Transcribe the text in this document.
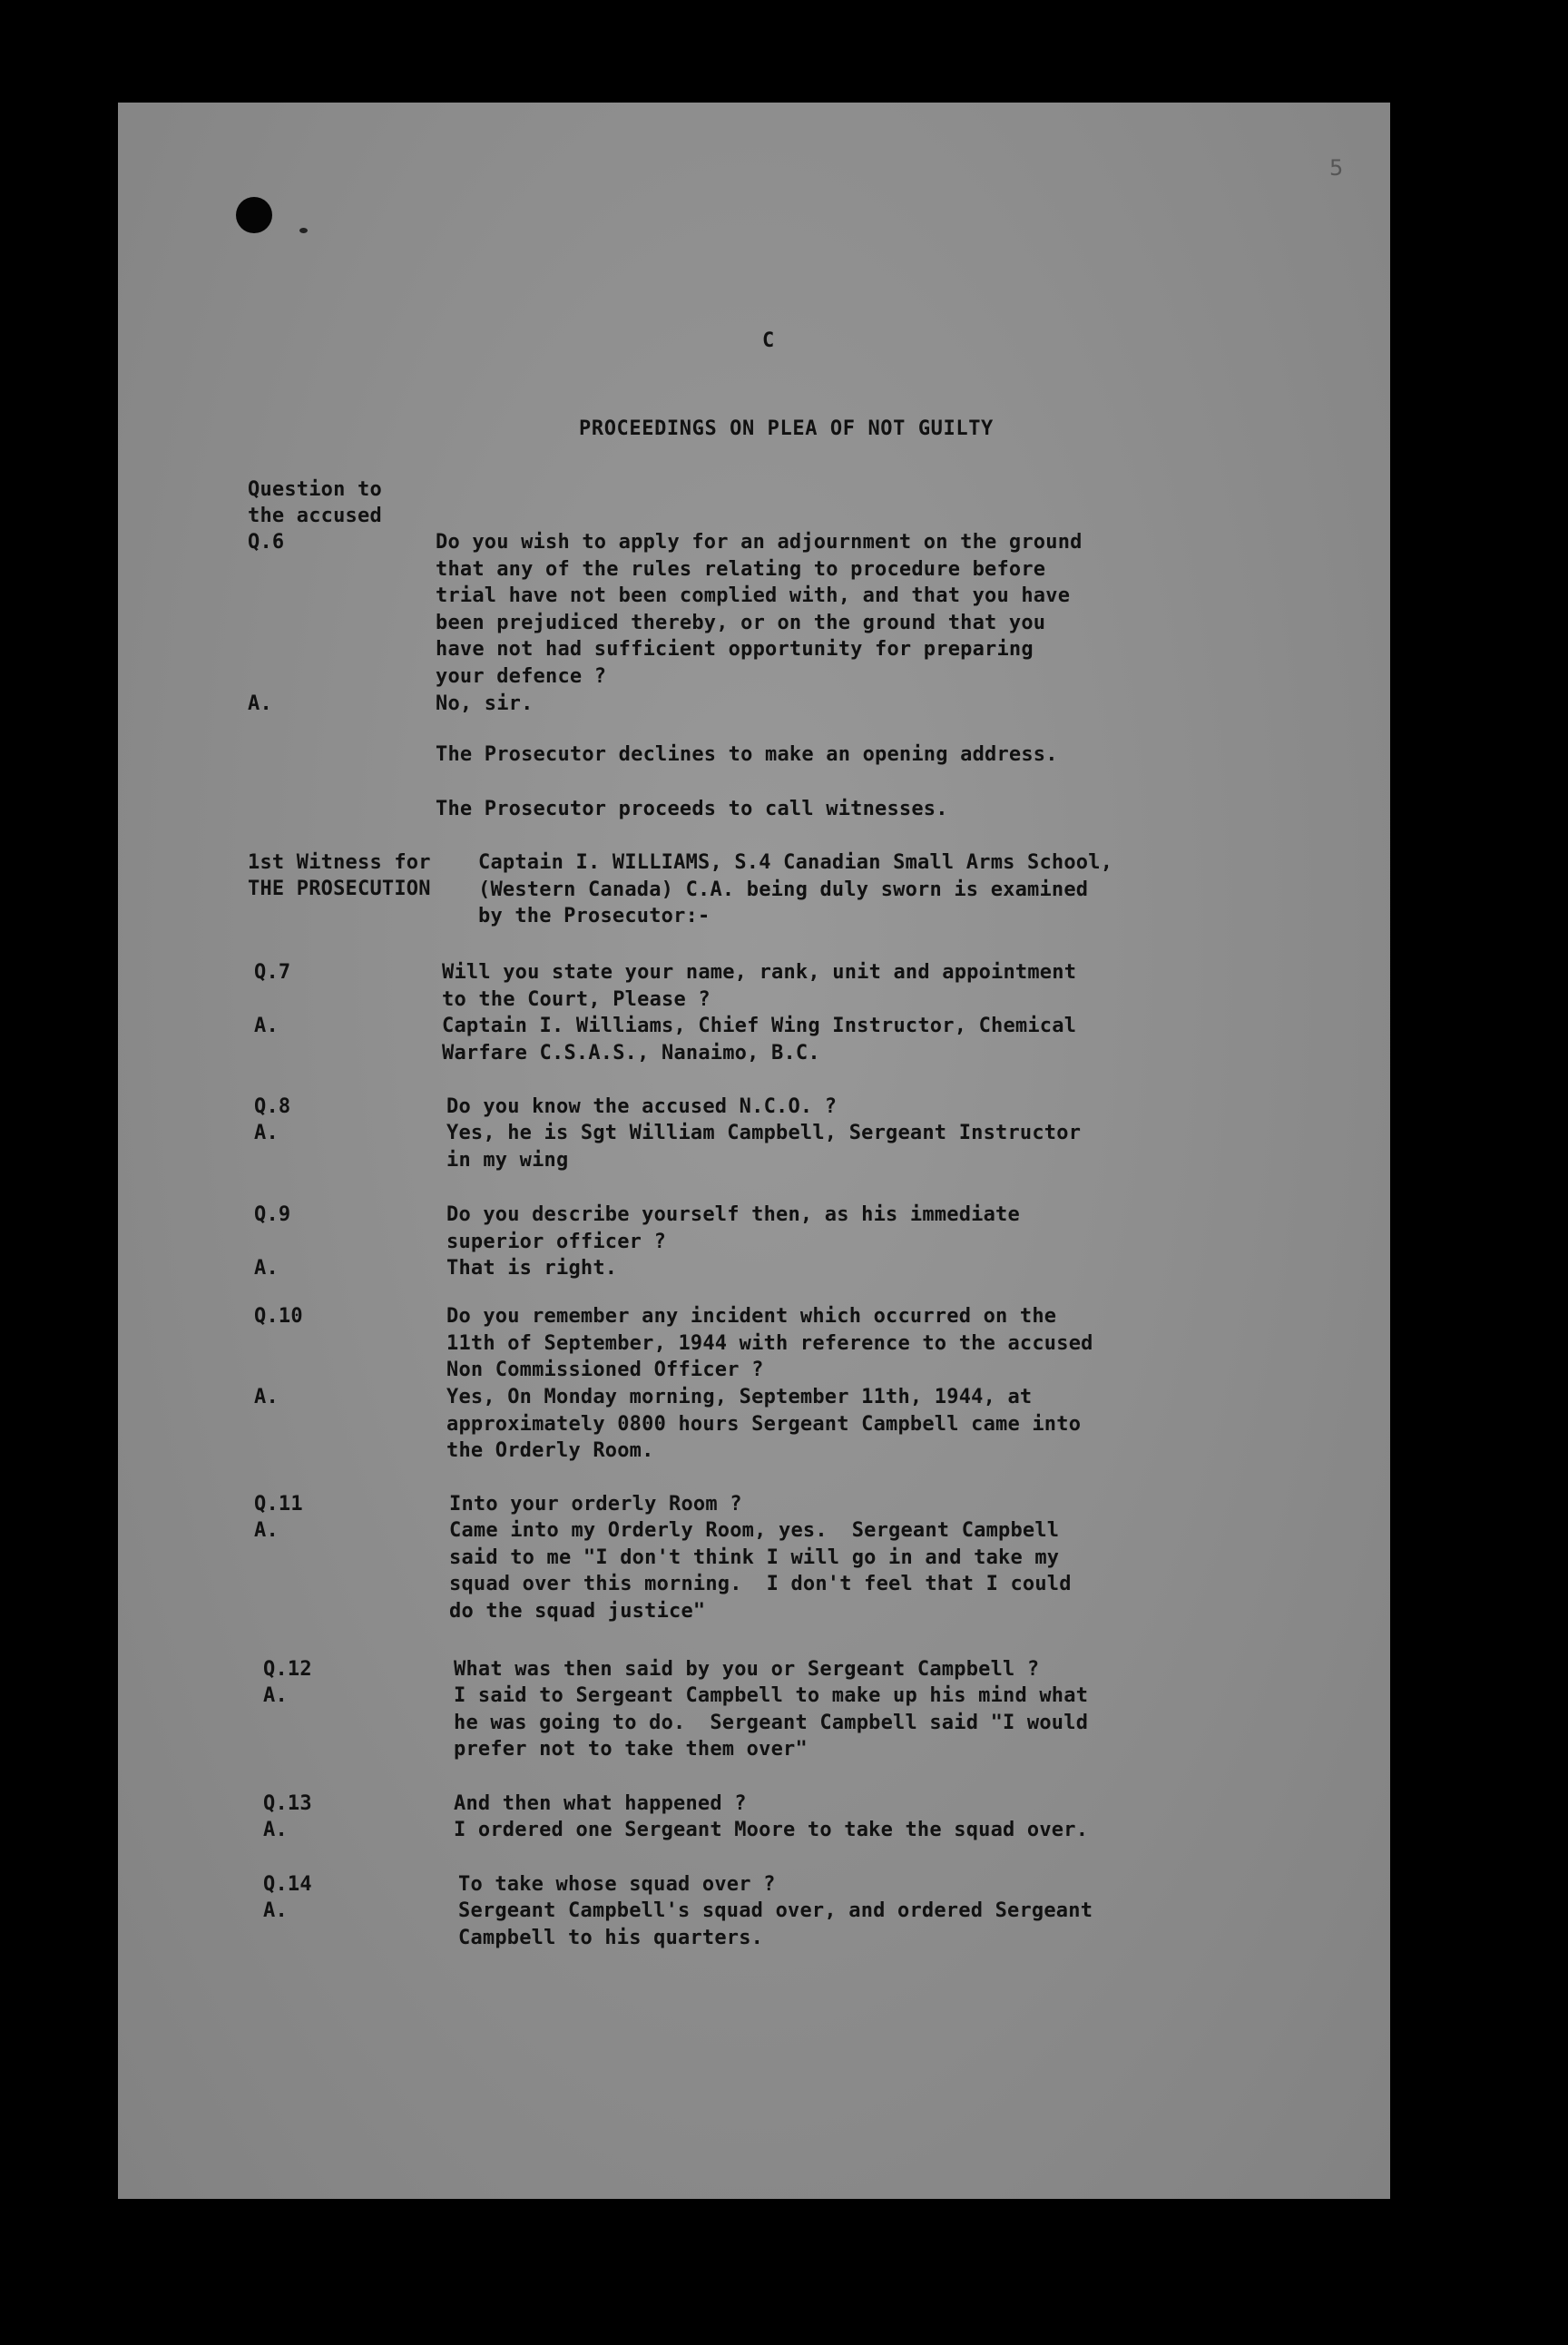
5
C
PROCEEDINGS ON PLEA OF NOT GUILTY
Question to
the accused
Q.6	Do you wish to apply for an adjournment on the ground
that any of the rules relating to procedure before
trial have not been complied with, and that you have
been prejudiced thereby, or on the ground that you
have not had sufficient opportunity for preparing
your defence ?
A.	No, sir.
The Prosecutor declines to make an opening address.
The Prosecutor proceeds to call witnesses.
1st Witness for
THE PROSECUTION
Captain I. WILLIAMS, S.4 Canadian Small Arms School,
(Western Canada) C.A. being duly sworn is examined
by the Prosecutor:-
Q.7	Will you state your name, rank, unit and appointment
to the Court, Please ?
A.	Captain I. Williams, Chief Wing Instructor, Chemical
Warfare C.S.A.S., Nanaimo, B.C.
Q.8	Do you know the accused N.C.O. ?
A.	Yes, he is Sgt William Campbell, Sergeant Instructor
in my wing
Q.9	Do you describe yourself then, as his immediate
superior officer ?
A.	That is right.
Q.10	Do you remember any incident which occurred on the
11th of September, 1944 with reference to the accused
Non Commissioned Officer ?
A.	Yes, On Monday morning, September 11th, 1944, at
approximately 0800 hours Sergeant Campbell came into
the Orderly Room.
Q.11	Into your orderly Room ?
A.	Came into my Orderly Room, yes.  Sergeant Campbell
said to me "I don't think I will go in and take my
squad over this morning.  I don't feel that I could
do the squad justice"
Q.12	What was then said by you or Sergeant Campbell ?
A.	I said to Sergeant Campbell to make up his mind what
he was going to do.  Sergeant Campbell said "I would
prefer not to take them over"
Q.13	And then what happened ?
A.	I ordered one Sergeant Moore to take the squad over.
Q.14	To take whose squad over ?
A.	Sergeant Campbell's squad over, and ordered Sergeant
Campbell to his quarters.
